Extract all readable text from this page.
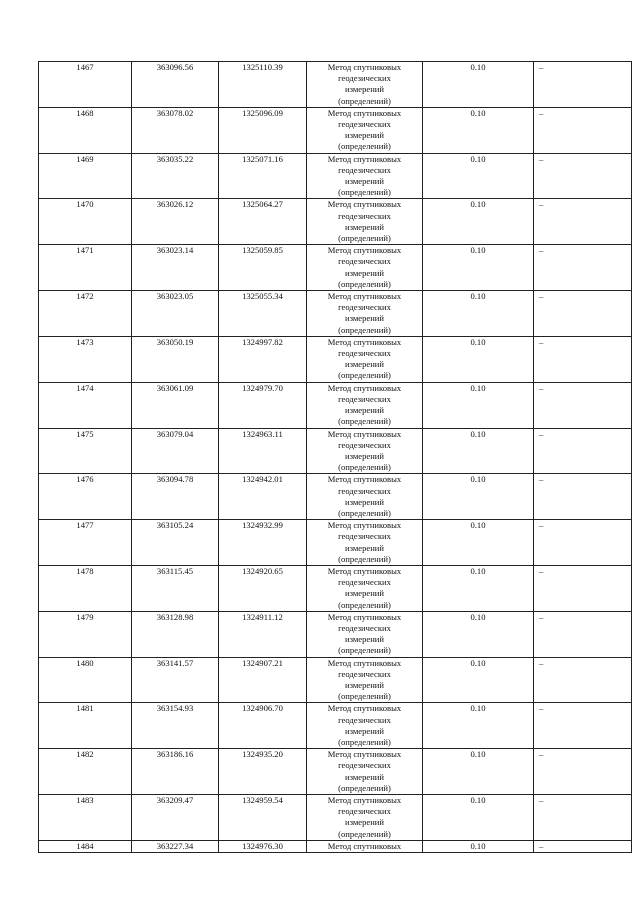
1467	363096.56	1325110.39	Метод спутниковых
геодезических
измерений
(определений)	0.10	–
1468	363078.02	1325096.09	Метод спутниковых
геодезических
измерений
(определений)	0.10	–
1469	363035.22	1325071.16	Метод спутниковых
геодезических
измерений
(определений)	0.10	–
1470	363026.12	1325064.27	Метод спутниковых
геодезических
измерений
(определений)	0.10	–
1471	363023.14	1325059.85	Метод спутниковых
геодезических
измерений
(определений)	0.10	–
1472	363023.05	1325055.34	Метод спутниковых
геодезических
измерений
(определений)	0.10	–
1473	363050.19	1324997.82	Метод спутниковых
геодезических
измерений
(определений)	0.10	–
1474	363061.09	1324979.70	Метод спутниковых
геодезических
измерений
(определений)	0.10	–
1475	363079.04	1324963.11	Метод спутниковых
геодезических
измерений
(определений)	0.10	–
1476	363094.78	1324942.01	Метод спутниковых
геодезических
измерений
(определений)	0.10	–
1477	363105.24	1324932.99	Метод спутниковых
геодезических
измерений
(определений)	0.10	–
1478	363115.45	1324920.65	Метод спутниковых
геодезических
измерений
(определений)	0.10	–
1479	363128.98	1324911.12	Метод спутниковых
геодезических
измерений
(определений)	0.10	–
1480	363141.57	1324907.21	Метод спутниковых
геодезических
измерений
(определений)	0.10	–
1481	363154.93	1324906.70	Метод спутниковых
геодезических
измерений
(определений)	0.10	–
1482	363186.16	1324935.20	Метод спутниковых
геодезических
измерений
(определений)	0.10	–
1483	363209.47	1324959.54	Метод спутниковых
геодезических
измерений
(определений)	0.10	–
1484	363227.34	1324976.30	Метод спутниковых	0.10	–
